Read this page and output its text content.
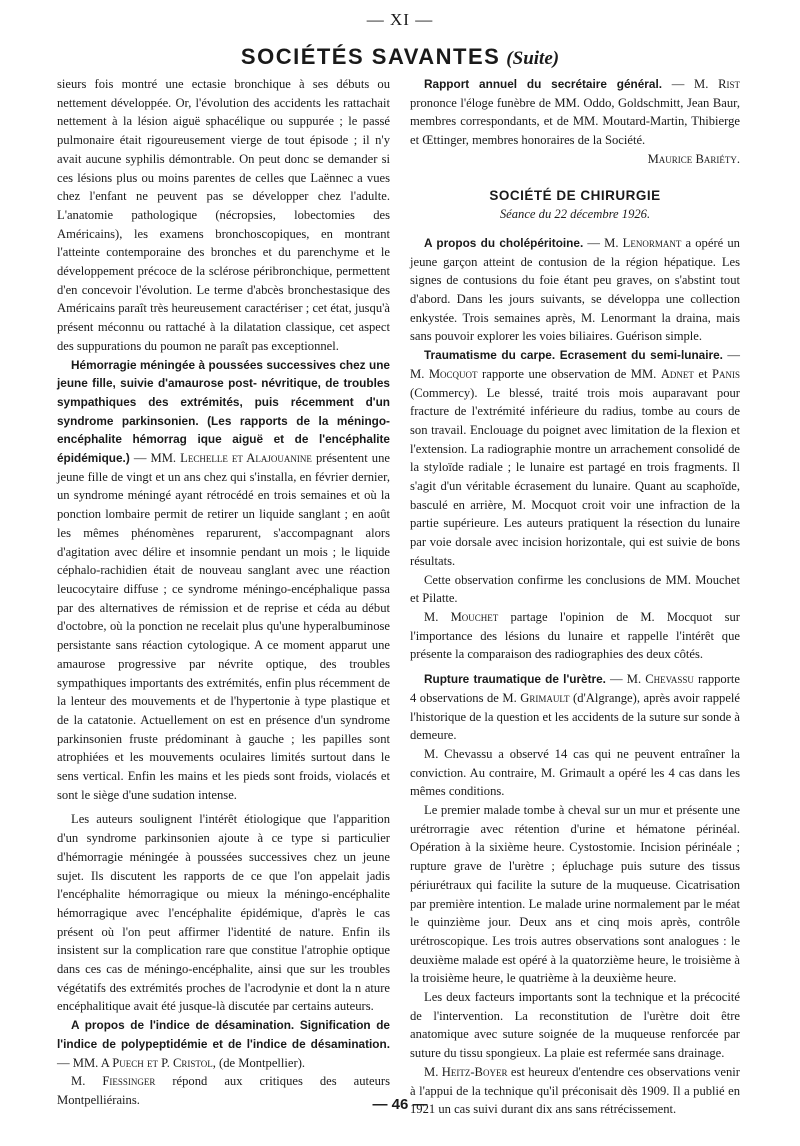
— XI —
SOCIÉTÉS SAVANTES (Suite)

sieurs fois montré une ectasie bronchique à ses débuts ou nettement développée. Or, l'évolution des accidents les rattachait nettement à la lésion aiguë sphacélique ou suppurée ; le passé pulmonaire était rigoureusement vierge de tout épisode ; il n'y avait aucune syphilis démontrable. On peut donc se demander si ces lésions plus ou moins parentes de celles que Laënnec a vues chez l'enfant ne peuvent pas se développer chez l'adulte. L'anatomie pathologique (nécropsies, lobectomies des Américains), les examens bronchoscopiques, en montrant l'atteinte contemporaine des bronches et du parenchyme et le développement précoce de la sclérose péribronchique, permettent d'en concevoir l'évolution. Le terme d'abcès bronchestasique des Américains paraît très heureusement caractériser ; cet état, jusqu'à présent méconnu ou rattaché à la dilatation classique, cet aspect des suppurations du poumon ne paraît pas exceptionnel.

Hémorragie méningée à poussées successives chez une jeune fille, suivie d'amaurose post- névritique, de troubles sympathiques des extrémités, puis récemment d'un syndrome parkinsonien. (Les rapports de la méningo-encéphalite hémorrag ique aiguë et de l'encéphalite épidémique.) — MM. Lechelle et Alajouanine présentent une jeune fille de vingt et un ans chez qui s'installa, en février dernier, un syndrome méningé ayant rétrocédé en trois semaines et où la ponction lombaire permit de retirer un liquide sanglant ; en août les mêmes phénomènes reparurent, s'accompagnant alors d'agitation avec délire et insomnie pendant un mois ; le liquide céphalo-rachidien était de nouveau sanglant avec une réaction leucocytaire diffuse ; ce syndrome méningo-encéphalique passa par des alternatives de rémission et de reprise et céda au début d'octobre, où la ponction ne recelait plus qu'une hyperalbuminose persistante sans réaction cytologique. A ce moment apparut une amaurose progressive par névrite optique, des troubles sympathiques importants des extrémités, enfin plus récemment de la lenteur des mouvements et de l'hypertonie à type plastique et de la catatonie. Actuellement on est en présence d'un syndrome parkinsonien fruste prédominant à gauche ; les papilles sont atrophiées et les mouvements oculaires limités surtout dans le sens vertical. Enfin les mains et les pieds sont froids, violacés et sont le siège d'une sudation intense.

Les auteurs soulignent l'intérêt étiologique que l'apparition d'un syndrome parkinsonien ajoute à ce type si particulier d'hémorragie méningée à poussées successives chez un jeune sujet. Ils discutent les rapports de ce que l'on appelait jadis l'encéphalite hémorragique ou mieux la méningo-encéphalite hémorragique avec l'encéphalite épidémique, d'après le cas présent où l'on peut affirmer l'identité de nature. Enfin ils insistent sur la complication rare que constitue l'atrophie optique dans ces cas de méningo-encéphalite, ainsi que sur les troubles végétatifs des extrémités proches de l'acrodynie et dont la n ature encéphalitique avait été jusque-là discutée par certains auteurs.

A propos de l'indice de désamination. Signification de l'indice de polypeptidémie et de l'indice de désamination. — MM. A Puech et P. Cristol, (de Montpellier).

M. Fiessinger répond aux critiques des auteurs Montpelliérains.

Rapport annuel du secrétaire général. — M. Rist prononce l'éloge funèbre de MM. Oddo, Goldschmitt, Jean Baur, membres correspondants, et de MM. Moutard-Martin, Thibierge et Œttinger, membres honoraires de la Société.
Maurice Bariéty.

SOCIÉTÉ DE CHIRURGIE
Séance du 22 décembre 1926.

A propos du cholépéritoine. — M. Lenormant a opéré un jeune garçon atteint de contusion de la région hépatique. Les signes de contusions du foie étant peu graves, on s'abstint tout d'abord. Dans les jours suivants, se développa une collection enkystée. Trois semaines après, M. Lenormant la draina, mais sans pouvoir explorer les voies biliaires. Guérison simple.

Traumatisme du carpe. Ecrasement du semi-lunaire. — M. Mocquot rapporte une observation de MM. Adnet et Panis (Commercy). Le blessé, traité trois mois auparavant pour fracture de l'extrémité inférieure du radius, tombe au cours de son travail. Enclouage du poignet avec limitation de la flexion et l'extension. La radiographie montre un arrachement consolidé de la styloïde radiale ; le lunaire est partagé en trois fragments. Il s'agit d'un véritable écrasement du lunaire. Quant au scaphoïde, basculé en arrière, M. Mocquot croit voir une infraction de la partie supérieure. Les auteurs pratiquent la résection du lunaire par voie dorsale avec incision horizontale, qui est suivie de bons résultats.

Cette observation confirme les conclusions de MM. Mouchet et Pilatte.

M. Mouchet partage l'opinion de M. Mocquot sur l'importance des lésions du lunaire et rappelle l'intérêt que présente la comparaison des radiographies des deux côtés.

Rupture traumatique de l'urètre. — M. Chevassu rapporte 4 observations de M. Grimault (d'Algrange), après avoir rappelé l'historique de la question et les accidents de la suture sur sonde à demeure.

M. Chevassu a observé 14 cas qui ne peuvent entraîner la conviction. Au contraire, M. Grimault a opéré les 4 cas dans les mêmes conditions.

Le premier malade tombe à cheval sur un mur et présente une urétrorragie avec rétention d'urine et hématone périnéal. Opération à la sixième heure. Cystostomie. Incision périnéale ; rupture grave de l'urètre ; épluchage puis suture des tissus périurétraux qui facilite la suture de la muqueuse. Cicatrisation par première intention. Le malade urine normalement par le méat le quinzième jour. Deux ans et cinq mois après, contrôle urétroscopique. Les trois autres observations sont analogues : le deuxième malade est opéré à la quatorzième heure, le troisième à la troisième heure, le quatrième à la deuxième heure.

Les deux facteurs importants sont la technique et la précocité de l'intervention. La reconstitution de l'urètre doit être anatomique avec suture soignée de la muqueuse renforcée par suture du tissu spongieux. La plaie est refermée sans drainage.

M. Heitz-Boyer est heureux d'entendre ces observations venir à l'appui de la technique qu'il préconisait dès 1909. Il a publié en 1921 un cas suivi durant dix ans sans rétrécissement.

— 46 —
